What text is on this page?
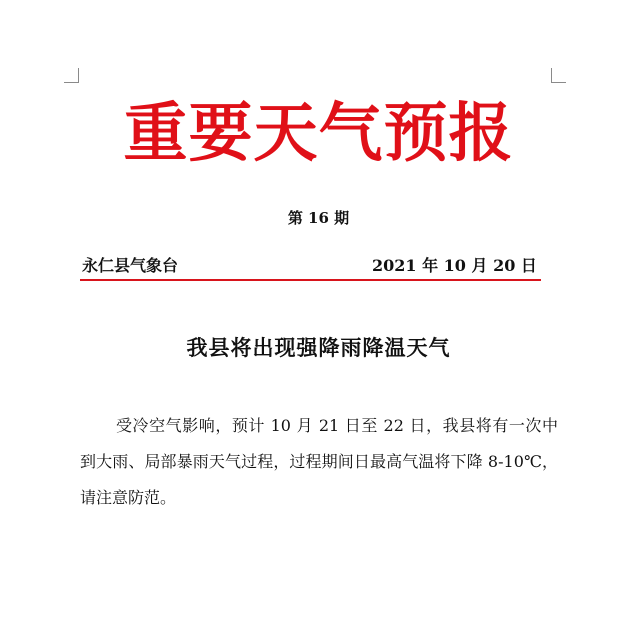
重要天气预报
第 16 期
永仁县气象台	2021 年 10 月 20 日
我县将出现强降雨降温天气

受冷空气影响，预计 10 月 21 日至 22 日，我县将有一次中到大雨、局部暴雨天气过程，过程期间日最高气温将下降 8-10℃，请注意防范。
